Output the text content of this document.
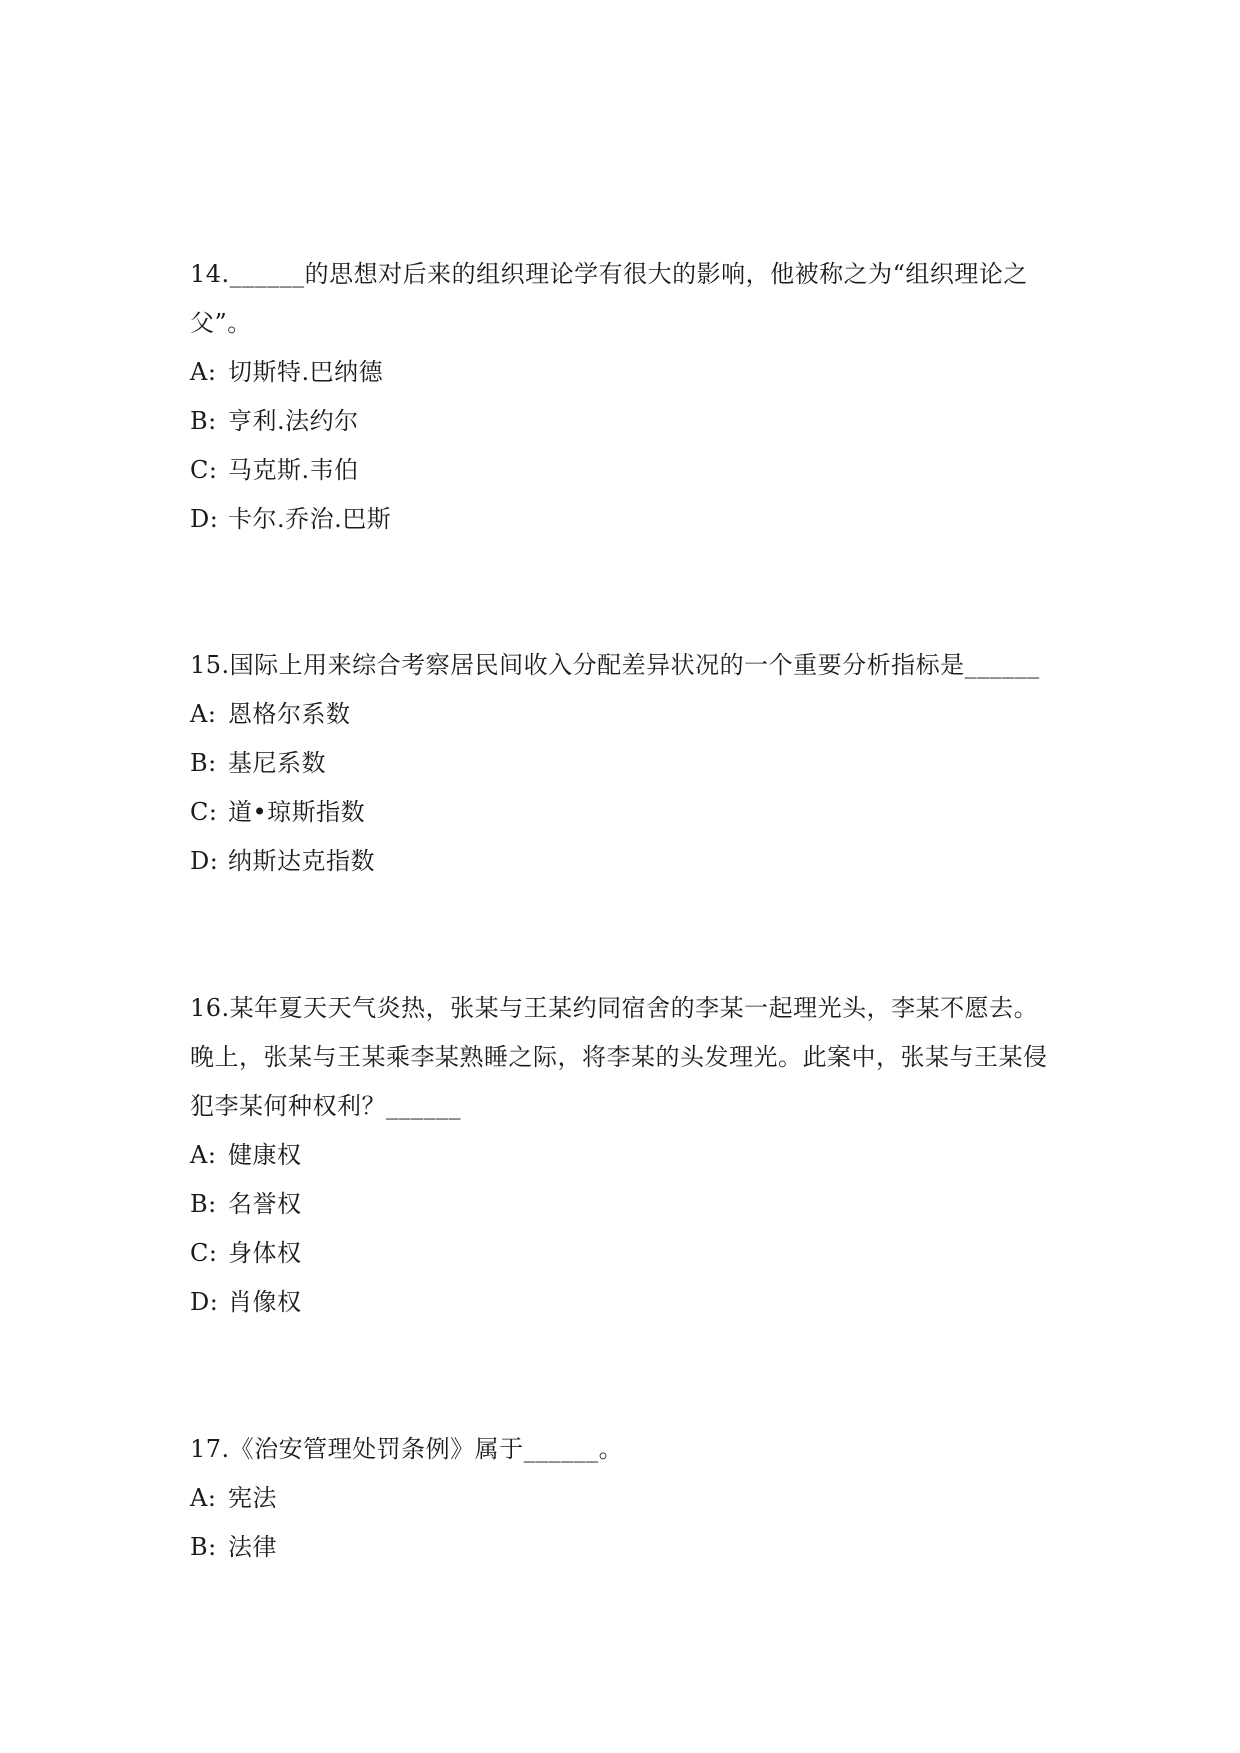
14.______的思想对后来的组织理论学有很大的影响，他被称之为“组织理论之父”。

A: 切斯特.巴纳德

B: 亨利.法约尔

C: 马克斯.韦伯

D: 卡尔.乔治.巴斯

15.国际上用来综合考察居民间收入分配差异状况的一个重要分析指标是______

A: 恩格尔系数

B: 基尼系数

C: 道•琼斯指数

D: 纳斯达克指数

16.某年夏天天气炎热，张某与王某约同宿舍的李某一起理光头，李某不愿去。晚上，张某与王某乘李某熟睡之际，将李某的头发理光。此案中，张某与王某侵犯李某何种权利？______

A: 健康权

B: 名誉权

C: 身体权

D: 肖像权

17.《治安管理处罚条例》属于______。

A: 宪法

B: 法律
